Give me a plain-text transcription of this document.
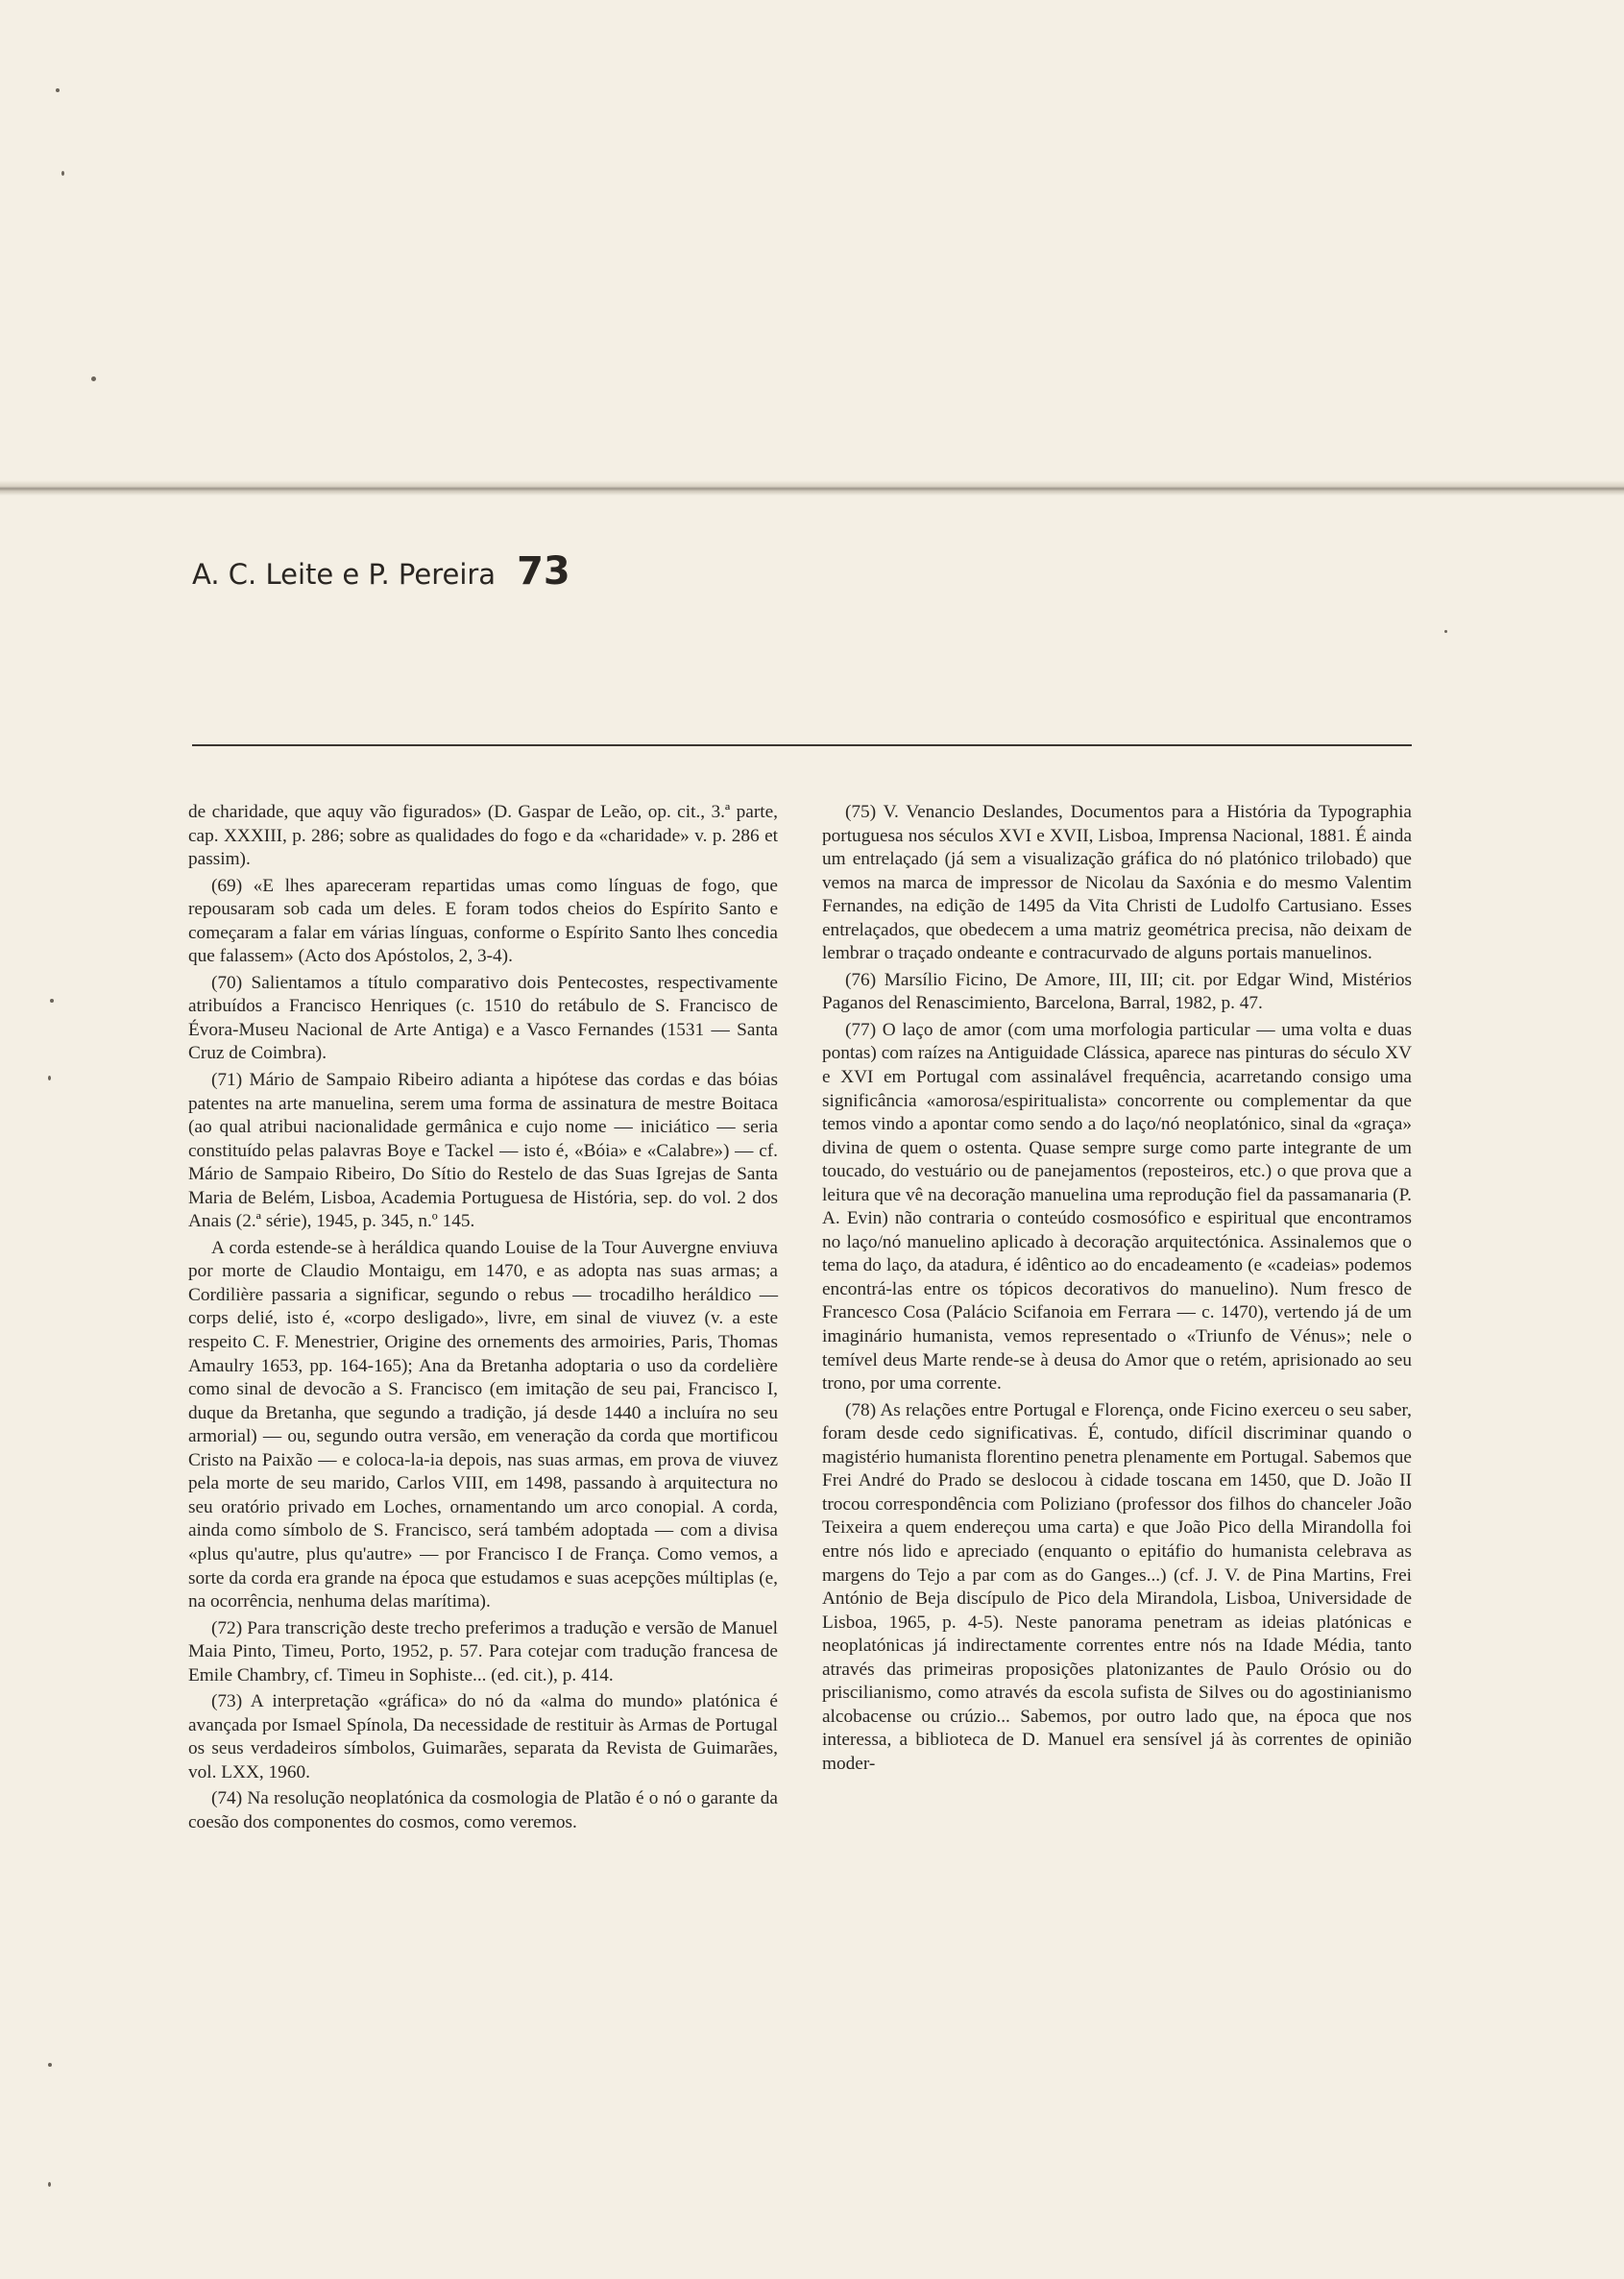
A. C. Leite e P. Pereira 73

de charidade, que aquy vão figurados» (D. Gaspar de Leão, op. cit., 3.ª parte, cap. XXXIII, p. 286; sobre as qualidades do fogo e da «charidade» v. p. 286 et passim).

(69) «E lhes apareceram repartidas umas como línguas de fogo, que repousaram sob cada um deles. E foram todos cheios do Espírito Santo e começaram a falar em várias línguas, conforme o Espírito Santo lhes concedia que falassem» (Acto dos Apóstolos, 2, 3-4).

(70) Salientamos a título comparativo dois Pentecostes, respectivamente atribuídos a Francisco Henriques (c. 1510 do retábulo de S. Francisco de Évora-Museu Nacional de Arte Antiga) e a Vasco Fernandes (1531 — Santa Cruz de Coimbra).

(71) Mário de Sampaio Ribeiro adianta a hipótese das cordas e das bóias patentes na arte manuelina, serem uma forma de assinatura de mestre Boitaca (ao qual atribui nacionalidade germânica e cujo nome — iniciático — seria constituído pelas palavras Boye e Tackel — isto é, «Bóia» e «Calabre») — cf. Mário de Sampaio Ribeiro, Do Sítio do Restelo de das Suas Igrejas de Santa Maria de Belém, Lisboa, Academia Portuguesa de História, sep. do vol. 2 dos Anais (2.ª série), 1945, p. 345, n.º 145.

A corda estende-se à heráldica quando Louise de la Tour Auvergne enviuva por morte de Claudio Montaigu, em 1470, e as adopta nas suas armas; a Cordilière passaria a significar, segundo o rebus — trocadilho heráldico — corps delié, isto é, «corpo desligado», livre, em sinal de viuvez (v. a este respeito C. F. Menestrier, Origine des ornements des armoiries, Paris, Thomas Amaulry 1653, pp. 164-165); Ana da Bretanha adoptaria o uso da cordelière como sinal de devocão a S. Francisco (em imitação de seu pai, Francisco I, duque da Bretanha, que segundo a tradição, já desde 1440 a incluíra no seu armorial) — ou, segundo outra versão, em veneração da corda que mortificou Cristo na Paixão — e coloca-la-ia depois, nas suas armas, em prova de viuvez pela morte de seu marido, Carlos VIII, em 1498, passando à arquitectura no seu oratório privado em Loches, ornamentando um arco conopial. A corda, ainda como símbolo de S. Francisco, será também adoptada — com a divisa «plus qu'autre, plus qu'autre» — por Francisco I de França. Como vemos, a sorte da corda era grande na época que estudamos e suas acepções múltiplas (e, na ocorrência, nenhuma delas marítima).

(72) Para transcrição deste trecho preferimos a tradução e versão de Manuel Maia Pinto, Timeu, Porto, 1952, p. 57. Para cotejar com tradução francesa de Emile Chambry, cf. Timeu in Sophiste... (ed. cit.), p. 414.

(73) A interpretação «gráfica» do nó da «alma do mundo» platónica é avançada por Ismael Spínola, Da necessidade de restituir às Armas de Portugal os seus verdadeiros símbolos, Guimarães, separata da Revista de Guimarães, vol. LXX, 1960.

(74) Na resolução neoplatónica da cosmologia de Platão é o nó o garante da coesão dos componentes do cosmos, como veremos.

(75) V. Venancio Deslandes, Documentos para a História da Typographia portuguesa nos séculos XVI e XVII, Lisboa, Imprensa Nacional, 1881. É ainda um entrelaçado (já sem a visualização gráfica do nó platónico trilobado) que vemos na marca de impressor de Nicolau da Saxónia e do mesmo Valentim Fernandes, na edição de 1495 da Vita Christi de Ludolfo Cartusiano. Esses entrelaçados, que obedecem a uma matriz geométrica precisa, não deixam de lembrar o traçado ondeante e contracurvado de alguns portais manuelinos.

(76) Marsílio Ficino, De Amore, III, III; cit. por Edgar Wind, Mistérios Paganos del Renascimiento, Barcelona, Barral, 1982, p. 47.

(77) O laço de amor (com uma morfologia particular — uma volta e duas pontas) com raízes na Antiguidade Clássica, aparece nas pinturas do século XV e XVI em Portugal com assinalável frequência, acarretando consigo uma significância «amorosa/espiritualista» concorrente ou complementar da que temos vindo a apontar como sendo a do laço/nó neoplatónico, sinal da «graça» divina de quem o ostenta. Quase sempre surge como parte integrante de um toucado, do vestuário ou de panejamentos (reposteiros, etc.) o que prova que a leitura que vê na decoração manuelina uma reprodução fiel da passamanaria (P. A. Evin) não contraria o conteúdo cosmosófico e espiritual que encontramos no laço/nó manuelino aplicado à decoração arquitectónica. Assinalemos que o tema do laço, da atadura, é idêntico ao do encadeamento (e «cadeias» podemos encontrá-las entre os tópicos decorativos do manuelino). Num fresco de Francesco Cosa (Palácio Scifanoia em Ferrara — c. 1470), vertendo já de um imaginário humanista, vemos representado o «Triunfo de Vénus»; nele o temível deus Marte rende-se à deusa do Amor que o retém, aprisionado ao seu trono, por uma corrente.

(78) As relações entre Portugal e Florença, onde Ficino exerceu o seu saber, foram desde cedo significativas. É, contudo, difícil discriminar quando o magistério humanista florentino penetra plenamente em Portugal. Sabemos que Frei André do Prado se deslocou à cidade toscana em 1450, que D. João II trocou correspondência com Poliziano (professor dos filhos do chanceler João Teixeira a quem endereçou uma carta) e que João Pico della Mirandolla foi entre nós lido e apreciado (enquanto o epitáfio do humanista celebrava as margens do Tejo a par com as do Ganges...) (cf. J. V. de Pina Martins, Frei António de Beja discípulo de Pico dela Mirandola, Lisboa, Universidade de Lisboa, 1965, p. 4-5). Neste panorama penetram as ideias platónicas e neoplatónicas já indirectamente correntes entre nós na Idade Média, tanto através das primeiras proposições platonizantes de Paulo Orósio ou do priscilianismo, como através da escola sufista de Silves ou do agostinianismo alcobacense ou crúzio... Sabemos, por outro lado que, na época que nos interessa, a biblioteca de D. Manuel era sensível já às correntes de opinião moder-
